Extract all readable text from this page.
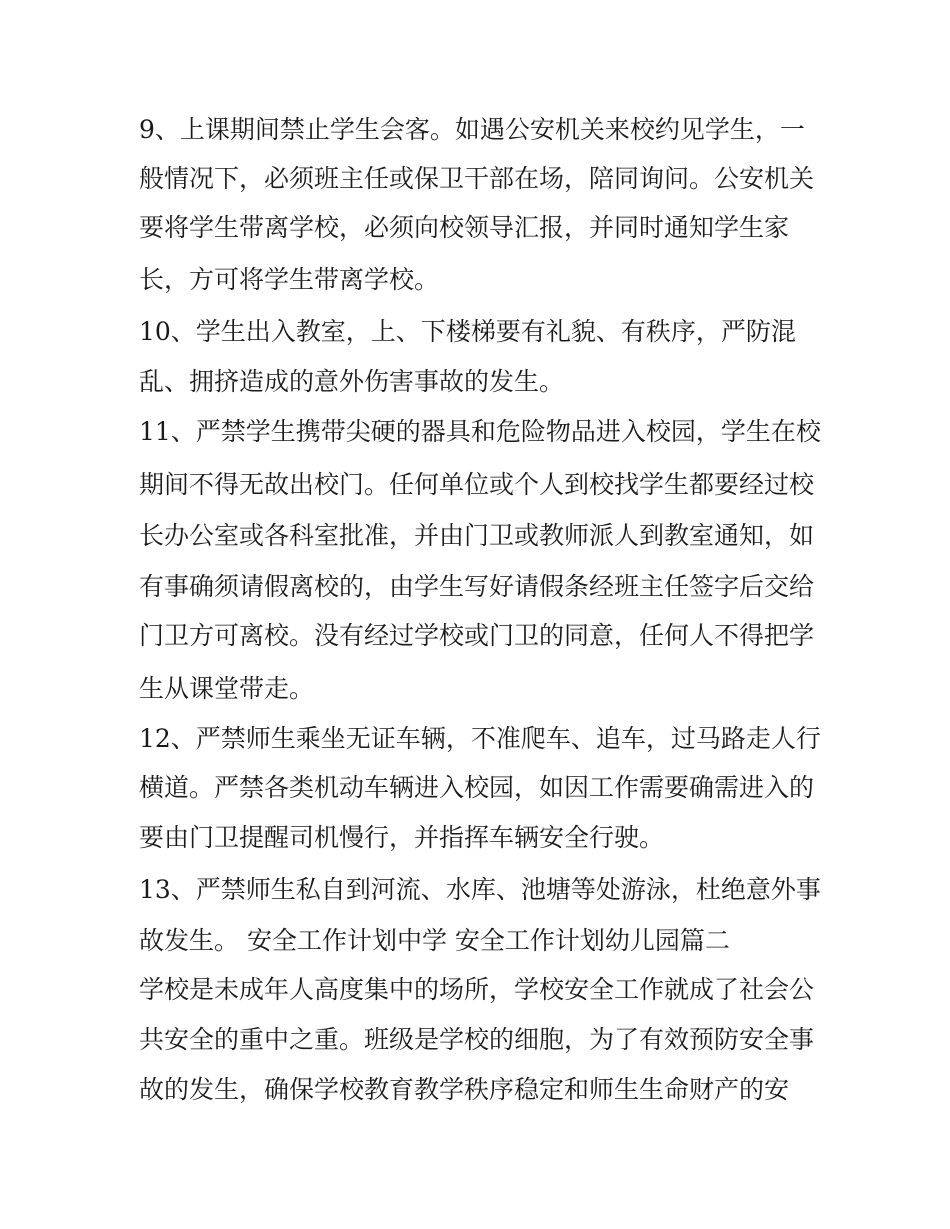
9、上课期间禁止学生会客。如遇公安机关来校约见学生，一
般情况下，必须班主任或保卫干部在场，陪同询问。公安机关
要将学生带离学校，必须向校领导汇报，并同时通知学生家
长，方可将学生带离学校。
10、学生出入教室，上、下楼梯要有礼貌、有秩序，严防混
乱、拥挤造成的意外伤害事故的发生。
11、严禁学生携带尖硬的器具和危险物品进入校园，学生在校
期间不得无故出校门。任何单位或个人到校找学生都要经过校
长办公室或各科室批准，并由门卫或教师派人到教室通知，如
有事确须请假离校的，由学生写好请假条经班主任签字后交给
门卫方可离校。没有经过学校或门卫的同意，任何人不得把学
生从课堂带走。
12、严禁师生乘坐无证车辆，不准爬车、追车，过马路走人行
横道。严禁各类机动车辆进入校园，如因工作需要确需进入的
要由门卫提醒司机慢行，并指挥车辆安全行驶。
13、严禁师生私自到河流、水库、池塘等处游泳，杜绝意外事
故发生。 安全工作计划中学 安全工作计划幼儿园篇二
学校是未成年人高度集中的场所，学校安全工作就成了社会公
共安全的重中之重。班级是学校的细胞，为了有效预防安全事
故的发生，确保学校教育教学秩序稳定和师生生命财产的安
